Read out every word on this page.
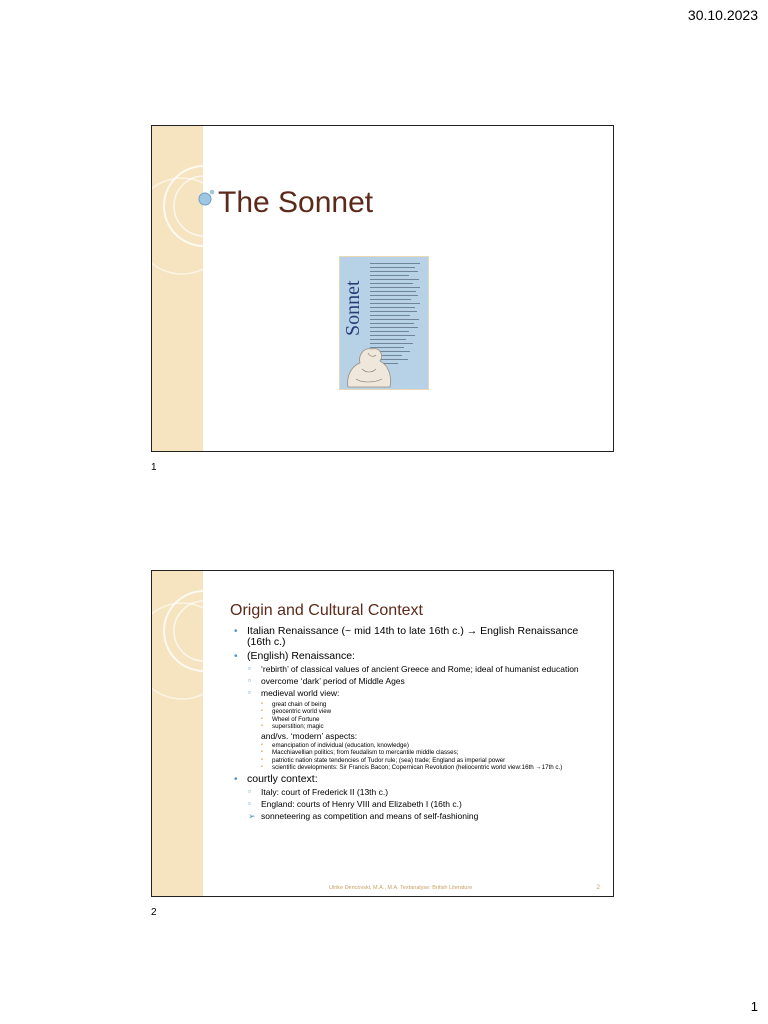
30.10.2023
The Sonnet
Sonnet
1
Origin and Cultural Context
• Italian Renaissance (~ mid 14th to late 16th c.) → English Renaissance (16th c.)
• (English) Renaissance:
▫ ‘rebirth’ of classical values of ancient Greece and Rome; ideal of humanist education
▫ overcome ‘dark’ period of Middle Ages
▫ medieval world view:
▪ great chain of being
▪ geocentric world view
▪ Wheel of Fortune
▪ superstition; magic
and/vs. ‘modern’ aspects:
▪ emancipation of individual (education, knowledge)
▪ Macchiavellian politics; from feudalism to mercantile middle classes;
▪ patriotic nation state tendencies of Tudor rule; (sea) trade; England as imperial power
▪ scientific developments: Sir Francis Bacon; Copernican Revolution (heliocentric world view:16th →17th c.)
• courtly context:
▫ Italy: court of Frederick II (13th c.)
▫ England: courts of Henry VIII and Elizabeth I (16th c.)
➢ sonneteering as competition and means of self-fashioning
Ulrike Dencovski, M.A., M.A. Textanalyse: British Literature	2
2
1
